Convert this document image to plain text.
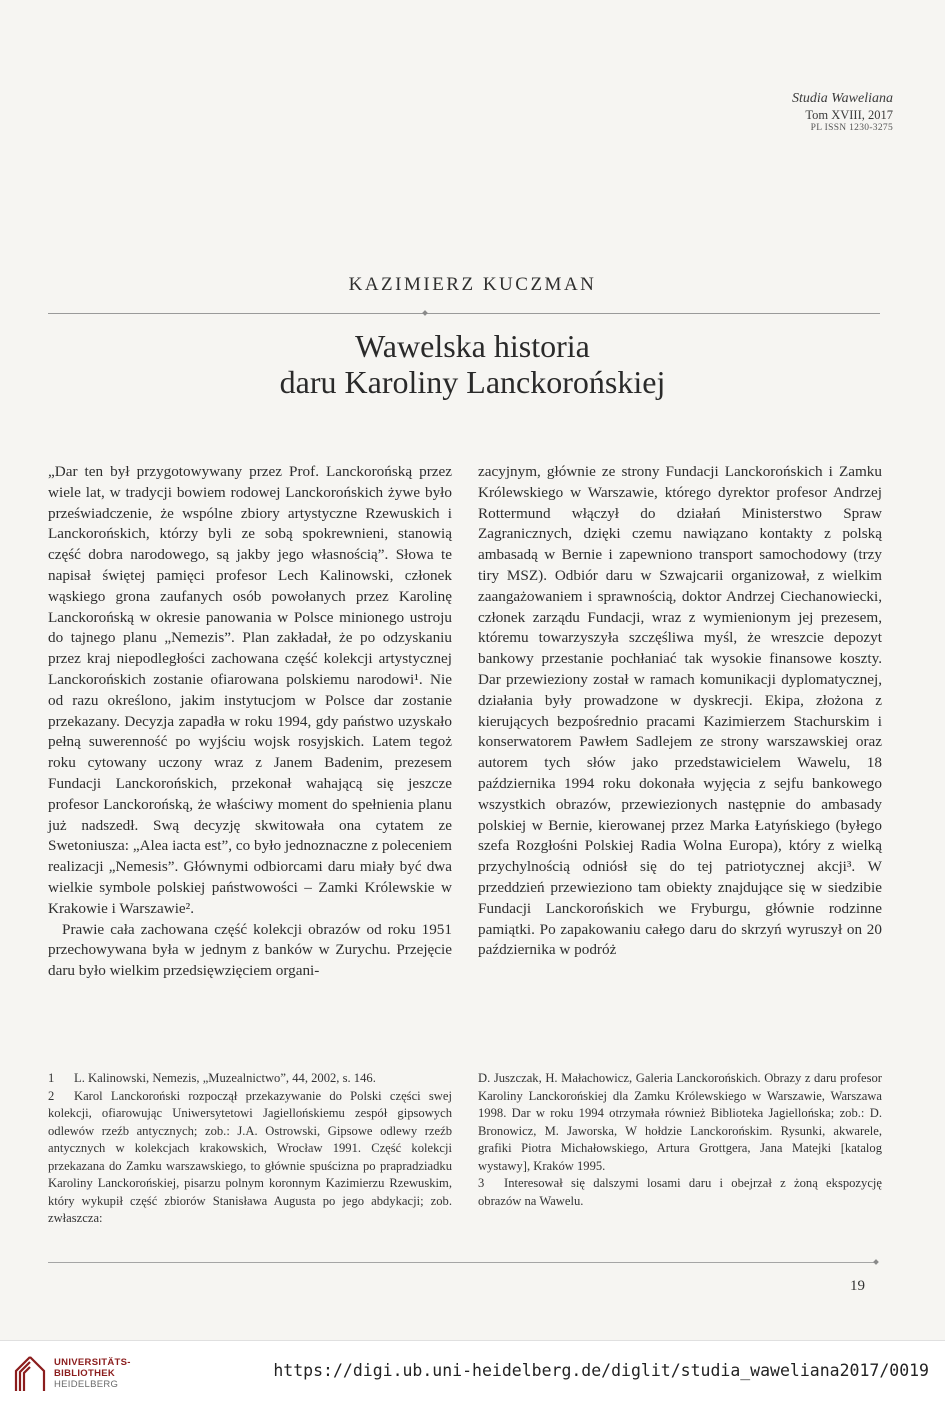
Studia Waweliana
Tom XVIII, 2017
PL ISSN 1230-3275
KAZIMIERZ KUCZMAN
Wawelska historia
daru Karoliny Lanckorońskiej

„Dar ten był przygotowywany przez Prof. Lanckorońską przez wiele lat, w tradycji bowiem rodowej Lanckorońskich żywe było przeświadczenie, że wspólne zbiory artystyczne Rzewuskich i Lanckorońskich, którzy byli ze sobą spokrewnieni, stanowią część dobra narodowego, są jakby jego własnością”. Słowa te napisał świętej pamięci profesor Lech Kalinowski, członek wąskiego grona zaufanych osób powołanych przez Karolinę Lanckorońską w okresie panowania w Polsce minionego ustroju do tajnego planu „Nemezis”. Plan zakładał, że po odzyskaniu przez kraj niepodległości zachowana część kolekcji artystycznej Lanckorońskich zostanie ofiarowana polskiemu narodowi¹. Nie od razu określono, jakim instytucjom w Polsce dar zostanie przekazany. Decyzja zapadła w roku 1994, gdy państwo uzyskało pełną suwerenność po wyjściu wojsk rosyjskich. Latem tegoż roku cytowany uczony wraz z Janem Badenim, prezesem Fundacji Lanckorońskich, przekonał wahającą się jeszcze profesor Lanckorońską, że właściwy moment do spełnienia planu już nadszedł. Swą decyzję skwitowała ona cytatem ze Swetoniusza: „Alea iacta est”, co było jednoznaczne z poleceniem realizacji „Nemesis”. Głównymi odbiorcami daru miały być dwa wielkie symbole polskiej państwowości – Zamki Królewskie w Krakowie i Warszawie².

Prawie cała zachowana część kolekcji obrazów od roku 1951 przechowywana była w jednym z banków w Zurychu. Przejęcie daru było wielkim przedsięwzięciem organi-

zacyjnym, głównie ze strony Fundacji Lanckorońskich i Zamku Królewskiego w Warszawie, którego dyrektor profesor Andrzej Rottermund włączył do działań Ministerstwo Spraw Zagranicznych, dzięki czemu nawiązano kontakty z polską ambasadą w Bernie i zapewniono transport samochodowy (trzy tiry MSZ). Odbiór daru w Szwajcarii organizował, z wielkim zaangażowaniem i sprawnością, doktor Andrzej Ciechanowiecki, członek zarządu Fundacji, wraz z wymienionym jej prezesem, któremu towarzyszyła szczęśliwa myśl, że wreszcie depozyt bankowy przestanie pochłaniać tak wysokie finansowe koszty. Dar przewieziony został w ramach komunikacji dyplomatycznej, działania były prowadzone w dyskrecji. Ekipa, złożona z kierujących bezpośrednio pracami Kazimierzem Stachurskim i konserwatorem Pawłem Sadlejem ze strony warszawskiej oraz autorem tych słów jako przedstawicielem Wawelu, 18 października 1994 roku dokonała wyjęcia z sejfu bankowego wszystkich obrazów, przewiezionych następnie do ambasady polskiej w Bernie, kierowanej przez Marka Łatyńskiego (byłego szefa Rozgłośni Polskiej Radia Wolna Europa), który z wielką przychylnością odniósł się do tej patriotycznej akcji³. W przeddzień przewieziono tam obiekty znajdujące się w siedzibie Fundacji Lanckorońskich we Fryburgu, głównie rodzinne pamiątki. Po zapakowaniu całego daru do skrzyń wyruszył on 20 października w podróż

1 L. Kalinowski, Nemezis, „Muzealnictwo”, 44, 2002, s. 146.

2 Karol Lanckoroński rozpoczął przekazywanie do Polski części swej kolekcji, ofiarowując Uniwersytetowi Jagiellońskiemu zespół gipsowych odlewów rzeźb antycznych; zob.: J.A. Ostrowski, Gipsowe odlewy rzeźb antycznych w kolekcjach krakowskich, Wrocław 1991. Część kolekcji przekazana do Zamku warszawskiego, to głównie spuścizna po prapradziadku Karoliny Lanckorońskiej, pisarzu polnym koronnym Kazimierzu Rzewuskim, który wykupił część zbiorów Stanisława Augusta po jego abdykacji; zob. zwłaszcza:

D. Juszczak, H. Małachowicz, Galeria Lanckorońskich. Obrazy z daru profesor Karoliny Lanckorońskiej dla Zamku Królewskiego w Warszawie, Warszawa 1998. Dar w roku 1994 otrzymała również Biblioteka Jagiellońska; zob.: D. Bronowicz, M. Jaworska, W hołdzie Lanckorońskim. Rysunki, akwarele, grafiki Piotra Michałowskiego, Artura Grottgera, Jana Matejki [katalog wystawy], Kraków 1995.

3 Interesował się dalszymi losami daru i obejrzał z żoną ekspozycję obrazów na Wawelu.

19
UNIVERSITÄTS-
BIBLIOTHEK
HEIDELBERG
https://digi.ub.uni-heidelberg.de/diglit/studia_waweliana2017/0019
